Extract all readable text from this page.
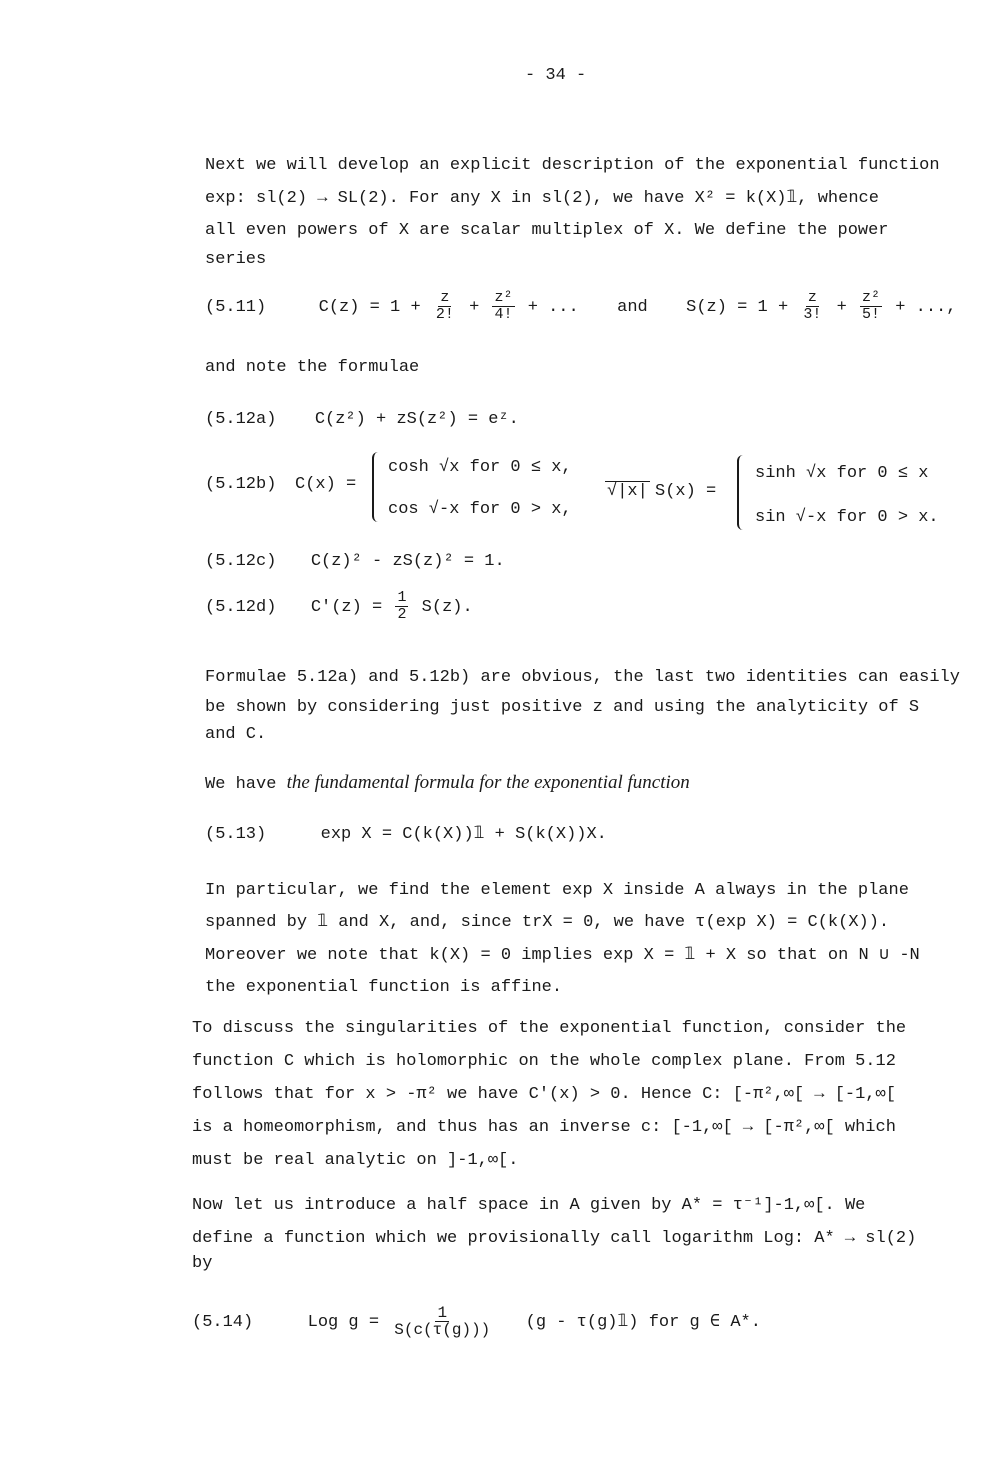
- 34 -
Next we will develop an explicit description of the exponential function
exp: sl(2) → SL(2). For any X in sl(2), we have X² = k(X)𝟙, whence
all even powers of X are scalar multiplex of X. We define the power
series
(5.11)	$C(z) = 1 + \frac{z}{2!} + \frac{\text{z²}}{4!}$ + ... and $S(z) = 1 + \frac{z}{3!} + \frac{\text{z²}}{5!}$ + ...,
and note the formulae
(5.12a) C(z²) + zS(z²) = eᶻ.
(5.12b) C(x) =
cosh √x for 0 ≤ x,
cos √-x for 0 > x,
√|x| S(x) =
sinh √x for 0 ≤ x
sin √-x for 0 > x.
(5.12c) C(z)² - zS(z)² = 1.
(5.12d) $C'(z) = \frac{1}{2} S(z)$.
Formulae 5.12a) and 5.12b) are obvious, the last two identities can easily
be shown by considering just positive z and using the analyticity of S
and C.
We have the fundamental formula for the exponential function
(5.13)	exp X = C(k(X))𝟙 + S(k(X))X.
In particular, we find the element exp X inside A always in the plane
spanned by 𝟙 and X, and, since trX = 0, we have τ(exp X) = C(k(X)).
Moreover we note that k(X) = 0 implies exp X = 𝟙 + X so that on N ∪ -N
the exponential function is affine.
To discuss the singularities of the exponential function, consider the
function C which is holomorphic on the whole complex plane. From 5.12
follows that for x > -π² we have C'(x) > 0. Hence C: [-π²,∞[ → [-1,∞[
is a homeomorphism, and thus has an inverse c: [-1,∞[ → [-π²,∞[ which
must be real analytic on ]-1,∞[.
Now let us introduce a half space in A given by A* = τ⁻¹]-1,∞[. We
define a function which we provisionally call logarithm Log: A* → sl(2)
by
(5.14)	Log $g = \frac{1}{S(c(\tau(g)))} (g$ - τ(g)𝟙) for g ∈ A*.
